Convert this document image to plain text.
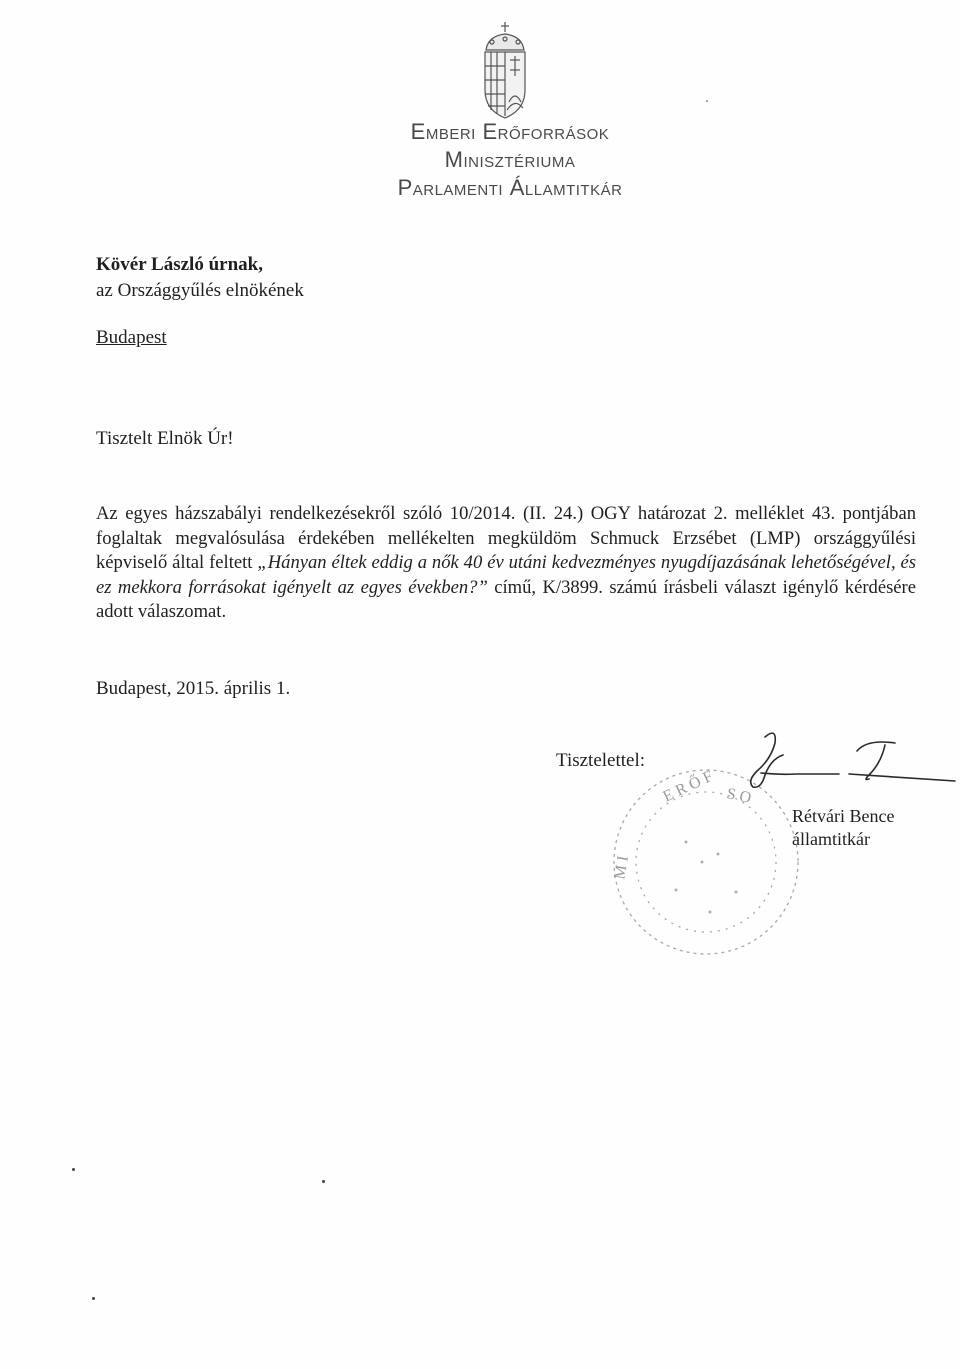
Emberi Erőforrások
Minisztériuma
Parlamenti Államtitkár
Kövér László úrnak,
az Országgyűlés elnökének
Budapest
Tisztelt Elnök Úr!
Az egyes házszabályi rendelkezésekről szóló 10/2014. (II. 24.) OGY határozat 2. melléklet 43. pontjában foglaltak megvalósulása érdekében mellékelten megküldöm Schmuck Erzsébet (LMP) országgyűlési képviselő által feltett „Hányan éltek eddig a nők 40 év utáni kedvezményes nyugdíjazásának lehetőségével, és ez mekkora forrásokat igényelt az egyes években?” című, K/3899. számú írásbeli választ igénylő kérdésére adott válaszomat.
Budapest, 2015. április 1.
Tisztelettel:
E R Ő F S O
M I
Rétvári Bence
államtitkár
